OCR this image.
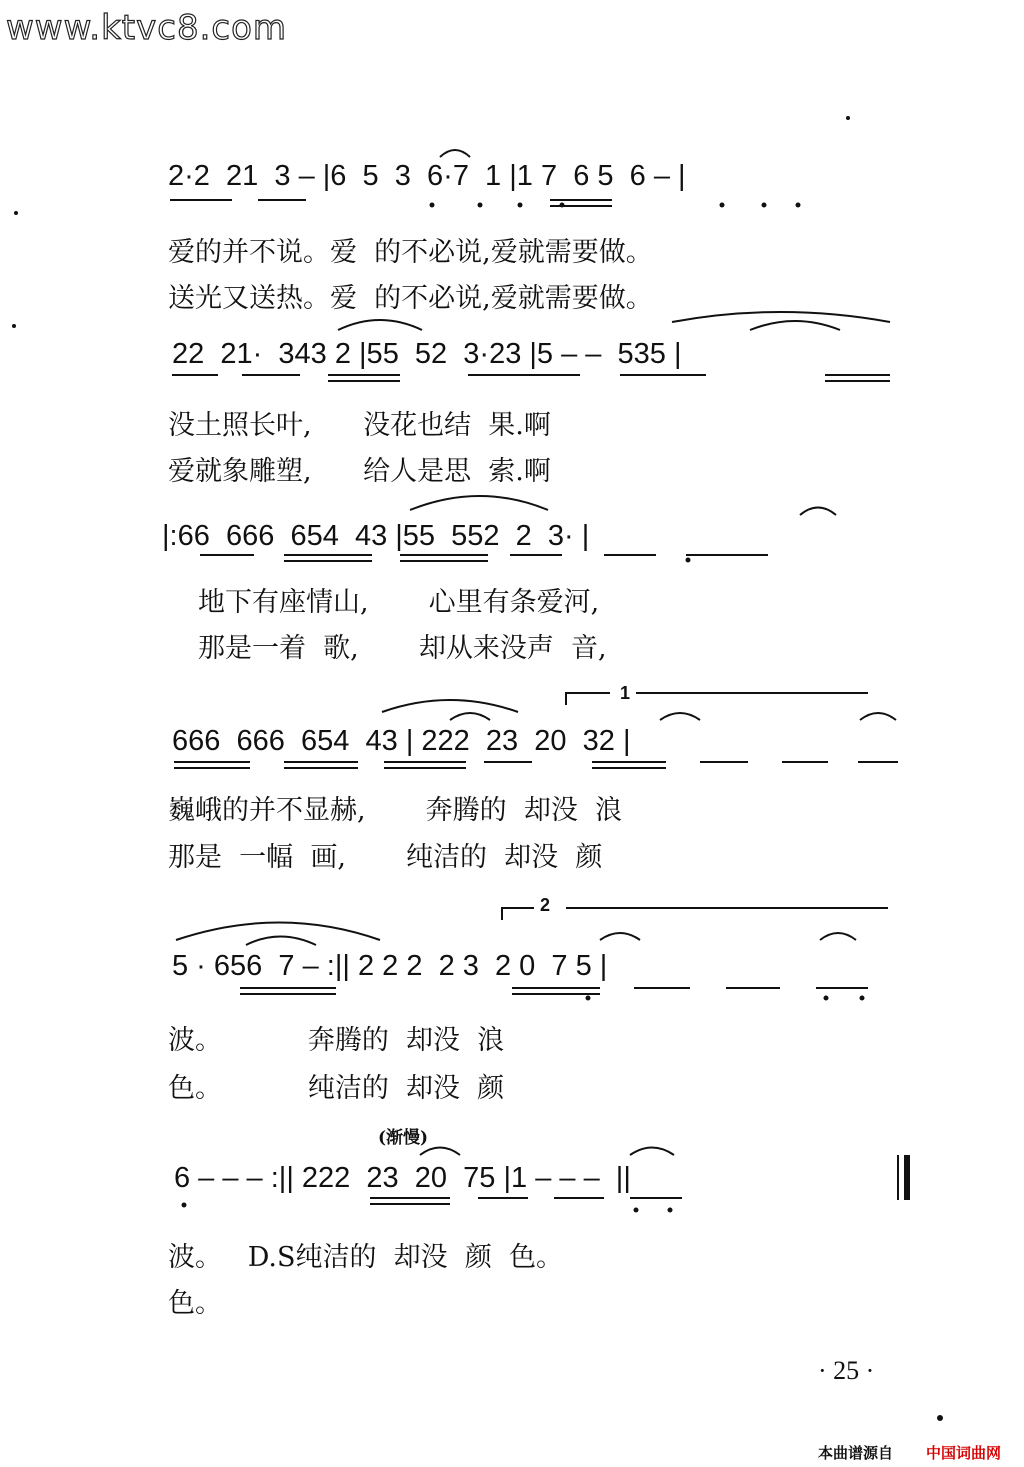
www.ktvc8.com
2·2  21  3 – |6  5  3  6·7  1 |1 7  6 5  6 – |
爱的并不说。爱  的不必说,爱就需要做。
送光又送热。爱  的不必说,爱就需要做。
22  21·  343 2 |55  52  3·23 |5 – –  535 |
没土照长叶,      没花也结  果.啊
爱就象雕塑,      给人是思  索.啊
|:66  666  654  43 |55  552  2  3· |
地下有座情山,       心里有条爱河,
那是一着  歌,       却从来没声  音,
1
666  666  654  43 | 222  23  20  32 |
巍峨的并不显赫,       奔腾的  却没  浪
那是  一幅  画,       纯洁的  却没  颜
2
5 · 656  7 – :|| 2 2 2  2 3  2 0  7 5 |
波。          奔腾的  却没  浪
色。          纯洁的  却没  颜
(渐慢)
6 – – – :|| 222  23  20  75 |1 – – –  ||
波。   D.S纯洁的  却没  颜  色。
色。
· 25 ·
本曲谱源自 中国词曲网
